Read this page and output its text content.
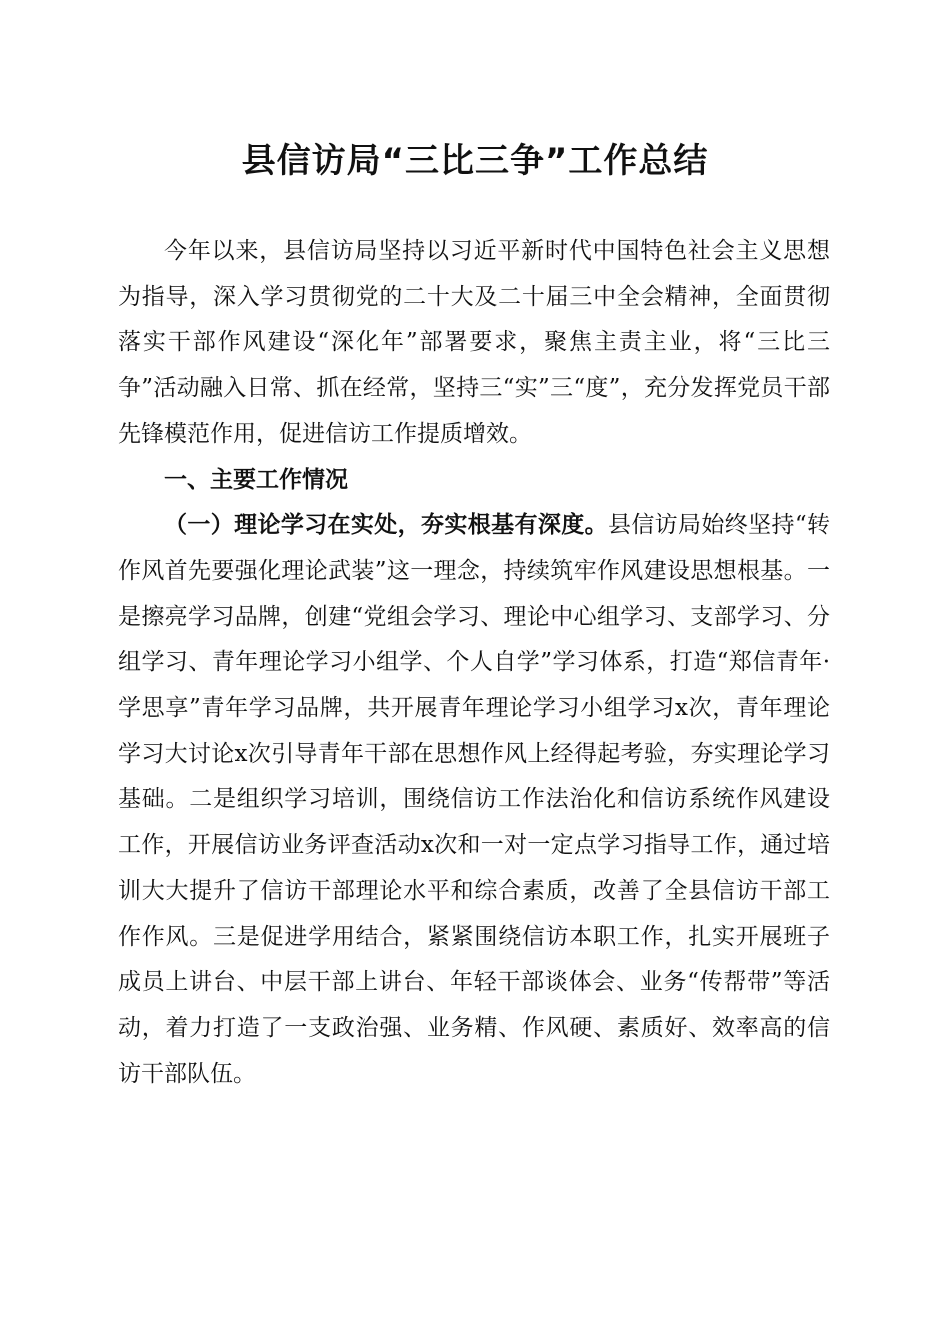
县信访局“三比三争”工作总结

今年以来，县信访局坚持以习近平新时代中国特色社会主义思想为指导，深入学习贯彻党的二十大及二十届三中全会精神，全面贯彻落实干部作风建设“深化年”部署要求，聚焦主责主业，将“三比三争”活动融入日常、抓在经常，坚持三“实”三“度”，充分发挥党员干部先锋模范作用，促进信访工作提质增效。

一、主要工作情况

（一）理论学习在实处，夯实根基有深度。县信访局始终坚持“转作风首先要强化理论武装”这一理念，持续筑牢作风建设思想根基。一是擦亮学习品牌，创建“党组会学习、理论中心组学习、支部学习、分组学习、青年理论学习小组学、个人自学”学习体系，打造“郑信青年·学思享”青年学习品牌，共开展青年理论学习小组学习x次，青年理论学习大讨论x次引导青年干部在思想作风上经得起考验，夯实理论学习基础。二是组织学习培训，围绕信访工作法治化和信访系统作风建设工作，开展信访业务评查活动x次和一对一定点学习指导工作，通过培训大大提升了信访干部理论水平和综合素质，改善了全县信访干部工作作风。三是促进学用结合，紧紧围绕信访本职工作，扎实开展班子成员上讲台、中层干部上讲台、年轻干部谈体会、业务“传帮带”等活动，着力打造了一支政治强、业务精、作风硬、素质好、效率高的信访干部队伍。
